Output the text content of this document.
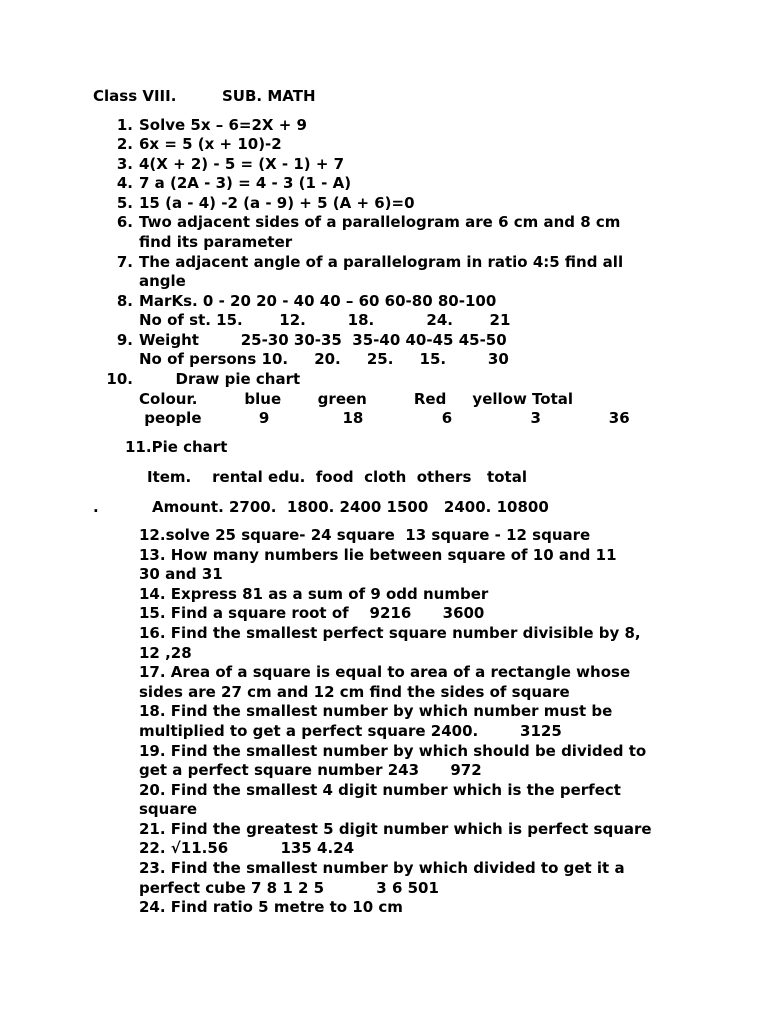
Class VIII.	SUB. MATH
1. Solve 5x – 6=2X + 9
2. 6x = 5 (x + 10)-2
3. 4(X + 2) - 5 = (X - 1) + 7
4. 7 a (2A - 3) = 4 - 3 (1 - A)
5. 15 (a - 4) -2 (a - 9) + 5 (A + 6)=0
6. Two adjacent sides of a parallelogram are 6 cm and 8 cm
find its parameter
7. The adjacent angle of a parallelogram in ratio 4:5 find all
angle
8. MarKs. 0 - 20 20 - 40 40 – 60 60-80 80-100
No of st. 15.       12.        18.          24.       21
9. Weight        25-30 30-35  35-40 40-45 45-50
No of persons 10.     20.     25.     15.        30
10. Draw pie chart
Colour.         blue       green         Red     yellow Total
people           9              18               6               3             36
11.Pie chart
Item.    rental edu.  food  cloth  others   total
.	Amount. 2700.  1800. 2400 1500   2400. 10800
12.solve 25 square- 24 square  13 square - 12 square
13. How many numbers lie between square of 10 and 11
30 and 31
14. Express 81 as a sum of 9 odd number
15. Find a square root of    9216      3600
16. Find the smallest perfect square number divisible by 8,
12 ,28
17. Area of a square is equal to area of a rectangle whose
sides are 27 cm and 12 cm find the sides of square
18. Find the smallest number by which number must be
multiplied to get a perfect square 2400.        3125
19. Find the smallest number by which should be divided to
get a perfect square number 243      972
20. Find the smallest 4 digit number which is the perfect
square
21. Find the greatest 5 digit number which is perfect square
22. √11.56          135 4.24
23. Find the smallest number by which divided to get it a
perfect cube 7 8 1 2 5          3 6 501
24. Find ratio 5 metre to 10 cm
